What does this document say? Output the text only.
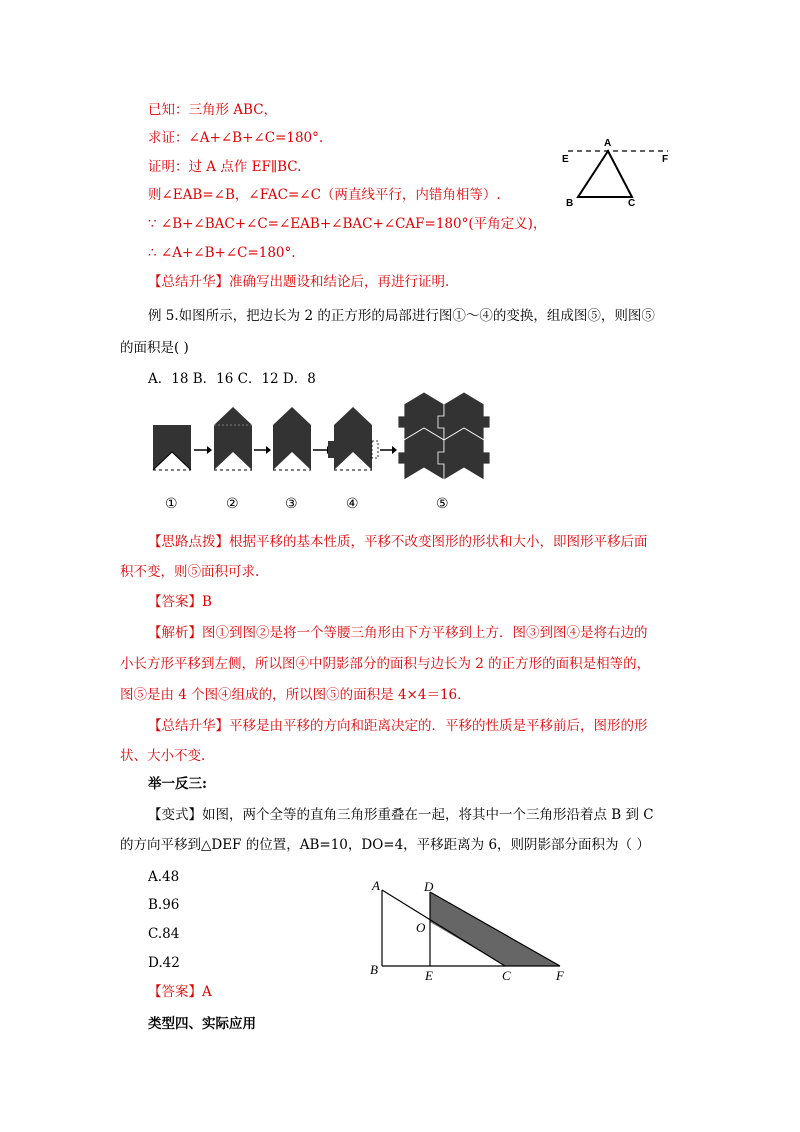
已知：三角形 ABC，
求证：∠A+∠B+∠C=180°.
证明：过 A 点作 EF∥BC.
则∠EAB=∠B，∠FAC=∠C（两直线平行，内错角相等）.
∵ ∠B+∠BAC+∠C=∠EAB+∠BAC+∠CAF=180°(平角定义)，
∴ ∠A+∠B+∠C=180°.
【总结升华】准确写出题设和结论后，再进行证明.
A
E	F
B	C
例 5.如图所示，把边长为 2 的正方形的局部进行图①～④的变换，组成图⑤，则图⑤
的面积是( )
A．18 B．16 C．12 D．8
①	②	③	④	⑤
【思路点拨】根据平移的基本性质，平移不改变图形的形状和大小，即图形平移后面
积不变，则⑤面积可求.
【答案】B
【解析】图①到图②是将一个等腰三角形由下方平移到上方．图③到图④是将右边的
小长方形平移到左侧，所以图④中阴影部分的面积与边长为 2 的正方形的面积是相等的，
图⑤是由 4 个图④组成的，所以图⑤的面积是 4×4＝16．
【总结升华】平移是由平移的方向和距离决定的．平移的性质是平移前后，图形的形
状、大小不变.
举一反三:
【变式】如图，两个全等的直角三角形重叠在一起，将其中一个三角形沿着点 B 到 C
的方向平移到△DEF 的位置，AB=10，DO=4，平移距离为 6，则阴影部分面积为（ ）
A.48
B.96
C.84
D.42
【答案】A
A	D
O
B	E	C	F
类型四、实际应用
